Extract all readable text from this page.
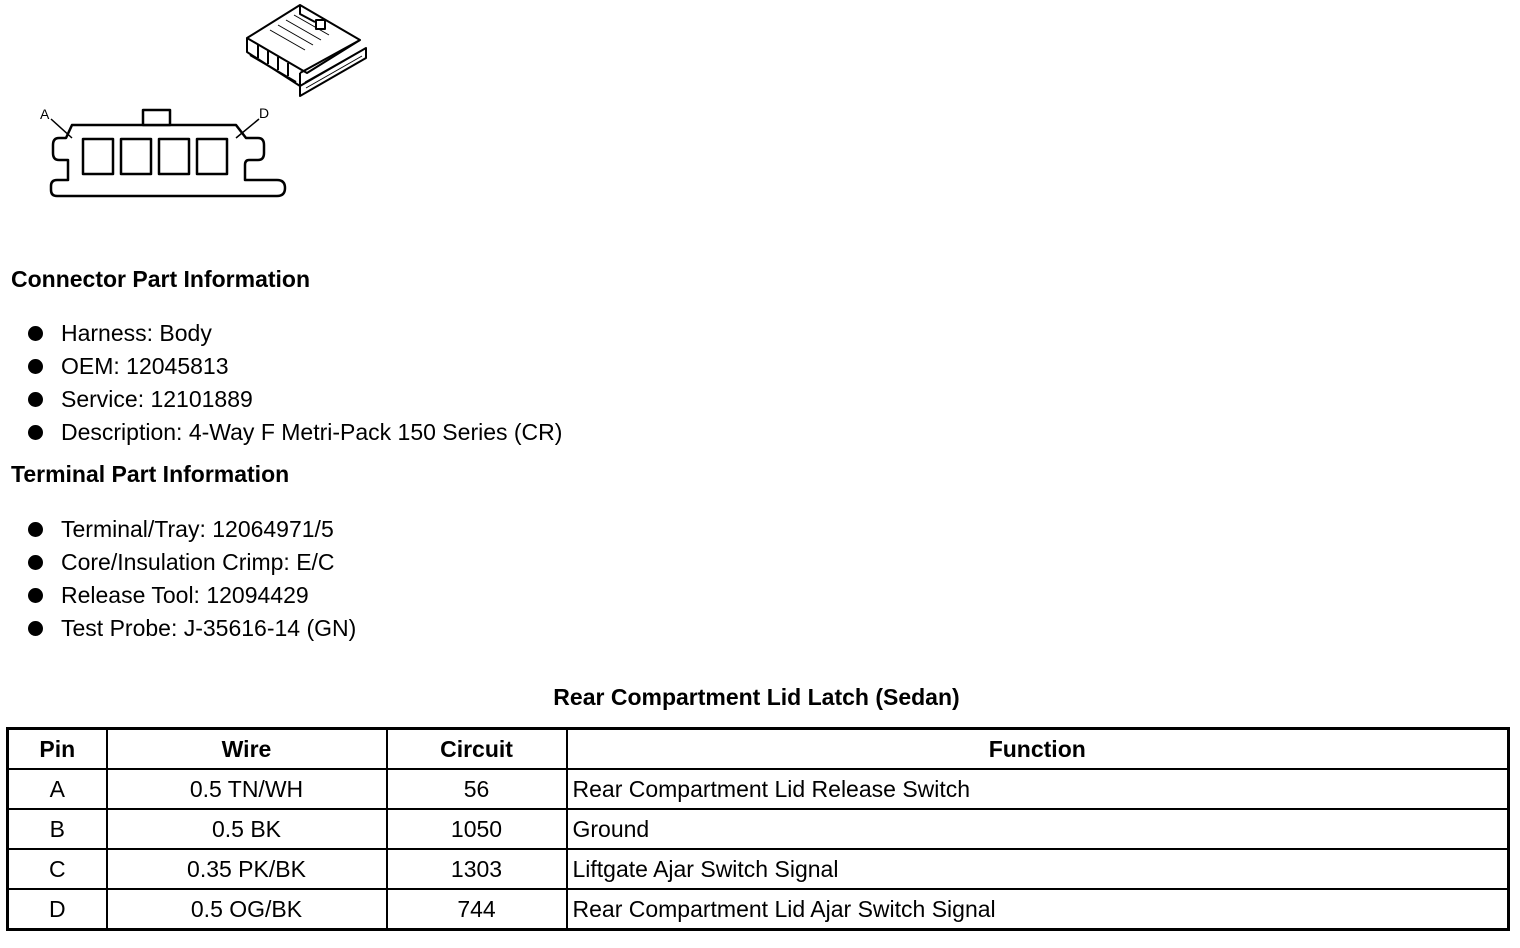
A	D
Connector Part Information
Harness: Body
OEM: 12045813
Service: 12101889
Description: 4-Way F Metri-Pack 150 Series (CR)
Terminal Part Information
Terminal/Tray: 12064971/5
Core/Insulation Crimp: E/C
Release Tool: 12094429
Test Probe: J-35616-14 (GN)
Rear Compartment Lid Latch (Sedan)
Pin	Wire	Circuit	Function
A	0.5 TN/WH	56	Rear Compartment Lid Release Switch
B	0.5 BK	1050	Ground
C	0.35 PK/BK	1303	Liftgate Ajar Switch Signal
D	0.5 OG/BK	744	Rear Compartment Lid Ajar Switch Signal
